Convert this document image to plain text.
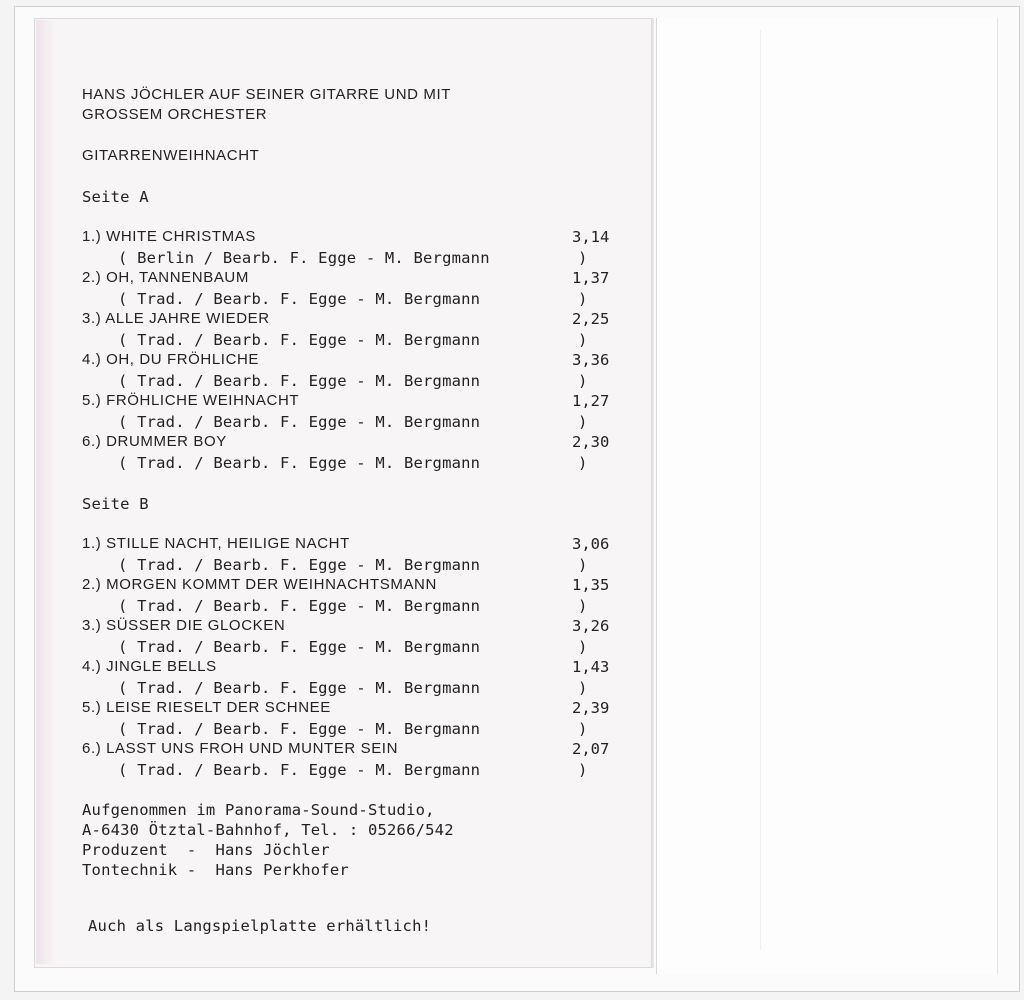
HANS JÖCHLER AUF SEINER GITARRE UND MIT
GROSSEM ORCHESTER
GITARRENWEIHNACHT
Seite A
1.) WHITE CHRISTMAS	3,14
( Berlin / Bearb. F. Egge - M. Bergmann	)
2.) OH, TANNENBAUM	1,37
( Trad. / Bearb. F. Egge - M. Bergmann	)
3.) ALLE JAHRE WIEDER	2,25
( Trad. / Bearb. F. Egge - M. Bergmann	)
4.) OH, DU FRÖHLICHE	3,36
( Trad. / Bearb. F. Egge - M. Bergmann	)
5.) FRÖHLICHE WEIHNACHT	1,27
( Trad. / Bearb. F. Egge - M. Bergmann	)
6.) DRUMMER BOY	2,30
( Trad. / Bearb. F. Egge - M. Bergmann	)
Seite B
1.) STILLE NACHT, HEILIGE NACHT	3,06
( Trad. / Bearb. F. Egge - M. Bergmann	)
2.) MORGEN KOMMT DER WEIHNACHTSMANN	1,35
( Trad. / Bearb. F. Egge - M. Bergmann	)
3.) SÜSSER DIE GLOCKEN	3,26
( Trad. / Bearb. F. Egge - M. Bergmann	)
4.) JINGLE BELLS	1,43
( Trad. / Bearb. F. Egge - M. Bergmann	)
5.) LEISE RIESELT DER SCHNEE	2,39
( Trad. / Bearb. F. Egge - M. Bergmann	)
6.) LASST UNS FROH UND MUNTER SEIN	2,07
( Trad. / Bearb. F. Egge - M. Bergmann	)
Aufgenommen im Panorama-Sound-Studio,
A-6430 Ötztal-Bahnhof, Tel. : 05266/542
Produzent  -  Hans Jöchler
Tontechnik -  Hans Perkhofer
Auch als Langspielplatte erhältlich!
